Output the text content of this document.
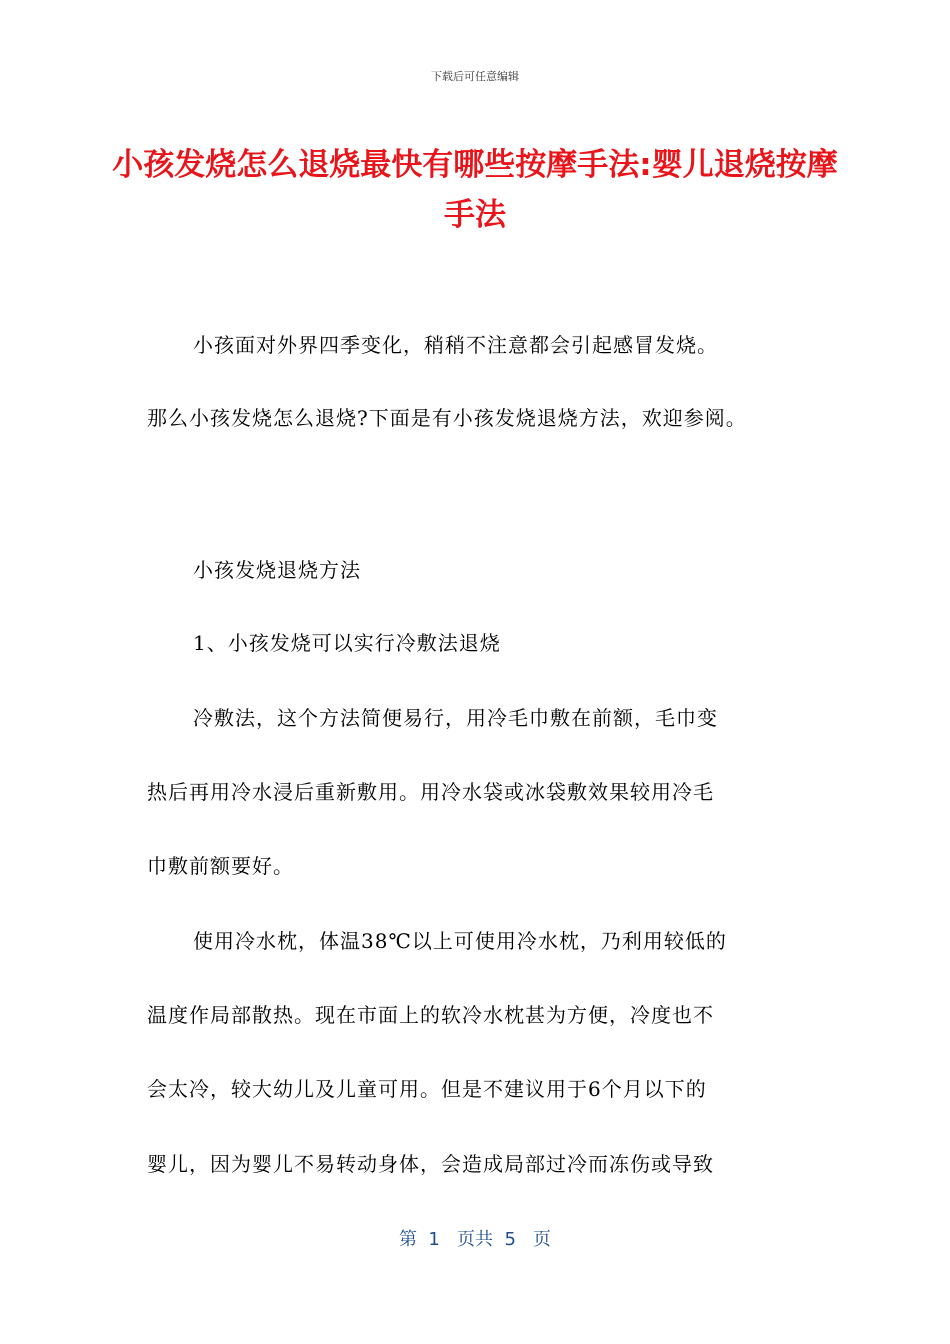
下载后可任意编辑
小孩发烧怎么退烧最快有哪些按摩手法:婴儿退烧按摩手法
小孩面对外界四季变化，稍稍不注意都会引起感冒发烧。
那么小孩发烧怎么退烧?下面是有小孩发烧退烧方法，欢迎参阅。
小孩发烧退烧方法
1、小孩发烧可以实行冷敷法退烧
冷敷法，这个方法简便易行，用冷毛巾敷在前额，毛巾变
热后再用冷水浸后重新敷用。用冷水袋或冰袋敷效果较用冷毛
巾敷前额要好。
使用冷水枕，体温38℃以上可使用冷水枕，乃利用较低的
温度作局部散热。现在市面上的软冷水枕甚为方便，冷度也不
会太冷，较大幼儿及儿童可用。但是不建议用于6个月以下的
婴儿，因为婴儿不易转动身体，会造成局部过冷而冻伤或导致
第  1   页共  5   页
